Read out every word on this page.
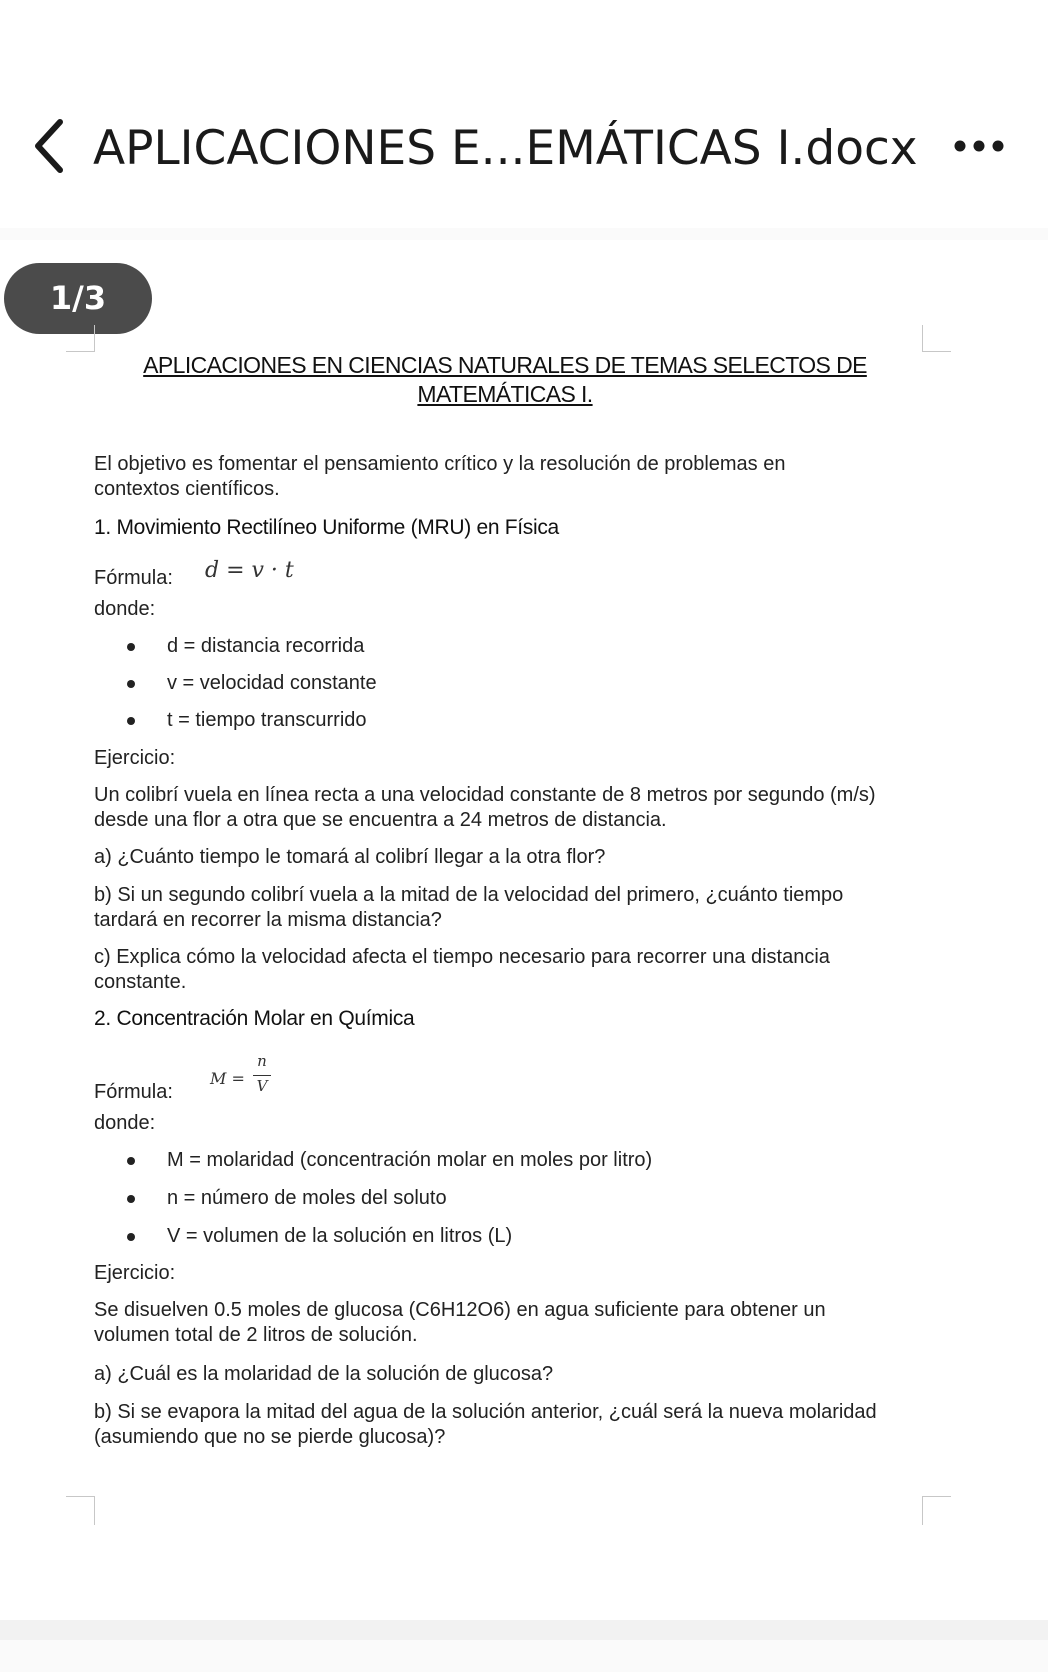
APLICACIONES E...EMÁTICAS I.docx
1/3
APLICACIONES EN CIENCIAS NATURALES DE TEMAS SELECTOS DE
MATEMÁTICAS I.
El objetivo es fomentar el pensamiento crítico y la resolución de problemas en
contextos científicos.
1. Movimiento Rectilíneo Uniforme (MRU) en Física
Fórmula:	d = v · t
donde:
d = distancia recorrida
v = velocidad constante
t = tiempo transcurrido
Ejercicio:
Un colibrí vuela en línea recta a una velocidad constante de 8 metros por segundo (m/s)
desde una flor a otra que se encuentra a 24 metros de distancia.
a) ¿Cuánto tiempo le tomará al colibrí llegar a la otra flor?
b) Si un segundo colibrí vuela a la mitad de la velocidad del primero, ¿cuánto tiempo
tardará en recorrer la misma distancia?
c) Explica cómo la velocidad afecta el tiempo necesario para recorrer una distancia
constante.
2. Concentración Molar en Química
Fórmula:
M =
n
V
donde:
M = molaridad (concentración molar en moles por litro)
n = número de moles del soluto
V = volumen de la solución en litros (L)
Ejercicio:
Se disuelven 0.5 moles de glucosa (C6H12O6) en agua suficiente para obtener un
volumen total de 2 litros de solución.
a) ¿Cuál es la molaridad de la solución de glucosa?
b) Si se evapora la mitad del agua de la solución anterior, ¿cuál será la nueva molaridad
(asumiendo que no se pierde glucosa)?
